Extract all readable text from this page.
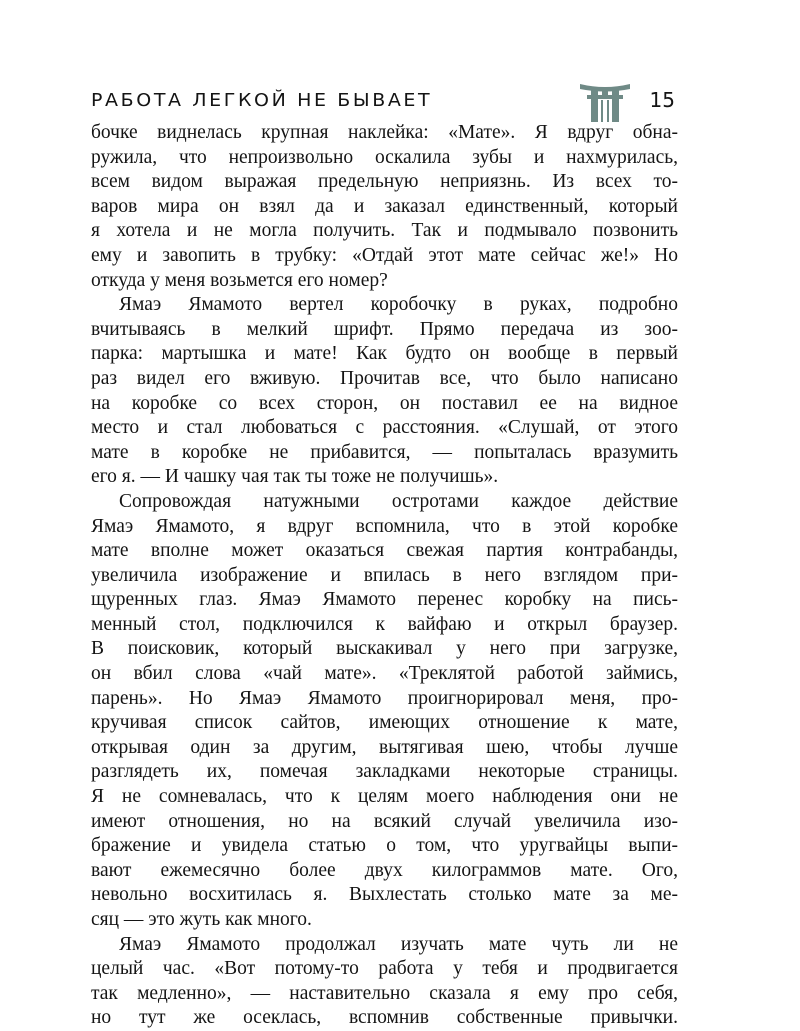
РАБОТА ЛЕГКОЙ НЕ БЫВАЕТ	15
бочке виднелась крупная наклейка: «Мате». Я вдруг обна-
ружила, что непроизвольно оскалила зубы и нахмурилась,
всем видом выражая предельную неприязнь. Из всех то-
варов мира он взял да и заказал единственный, который
я хотела и не могла получить. Так и подмывало позвонить
ему и завопить в трубку: «Отдай этот мате сейчас же!» Но
откуда у меня возьмется его номер?
Ямаэ Ямамото вертел коробочку в руках, подробно
вчитываясь в мелкий шрифт. Прямо передача из зоо-
парка: мартышка и мате! Как будто он вообще в первый
раз видел его вживую. Прочитав все, что было написано
на коробке со всех сторон, он поставил ее на видное
место и стал любоваться с расстояния. «Слушай, от этого
мате в коробке не прибавится, — попыталась вразумить
его я. — И чашку чая так ты тоже не получишь».
Сопровождая натужными остротами каждое действие
Ямаэ Ямамото, я вдруг вспомнила, что в этой коробке
мате вполне может оказаться свежая партия контрабанды,
увеличила изображение и впилась в него взглядом при-
щуренных глаз. Ямаэ Ямамото перенес коробку на пись-
менный стол, подключился к вайфаю и открыл браузер.
В поисковик, который выскакивал у него при загрузке,
он вбил слова «чай мате». «Треклятой работой займись,
парень». Но Ямаэ Ямамото проигнорировал меня, про-
кручивая список сайтов, имеющих отношение к мате,
открывая один за другим, вытягивая шею, чтобы лучше
разглядеть их, помечая закладками некоторые страницы.
Я не сомневалась, что к целям моего наблюдения они не
имеют отношения, но на всякий случай увеличила изо-
бражение и увидела статью о том, что уругвайцы выпи-
вают ежемесячно более двух килограммов мате. Ого,
невольно восхитилась я. Выхлестать столько мате за ме-
сяц — это жуть как много.
Ямаэ Ямамото продолжал изучать мате чуть ли не
целый час. «Вот потому-то работа у тебя и продвигается
так медленно», — наставительно сказала я ему про себя,
но тут же осеклась, вспомнив собственные привычки.
